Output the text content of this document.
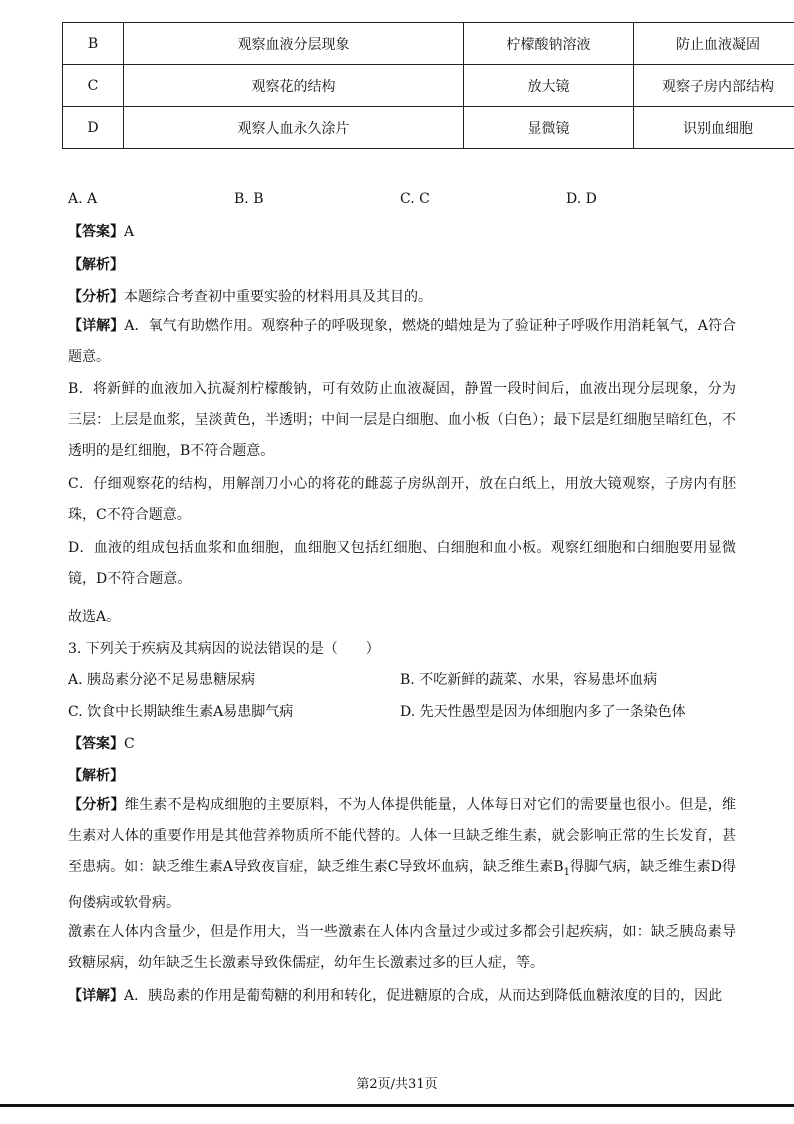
B	观察血液分层现象	柠檬酸钠溶液	防止血液凝固
C	观察花的结构	放大镜	观察子房内部结构
D	观察人血永久涂片	显微镜	识别血细胞
A. A	B. B	C. C	D. D
【答案】A
【解析】
【分析】本题综合考查初中重要实验的材料用具及其目的。
【详解】A．氧气有助燃作用。观察种子的呼吸现象，燃烧的蜡烛是为了验证种子呼吸作用消耗氧气，A符合题意。
B．将新鲜的血液加入抗凝剂柠檬酸钠，可有效防止血液凝固，静置一段时间后，血液出现分层现象，分为三层：上层是血浆，呈淡黄色，半透明；中间一层是白细胞、血小板（白色）；最下层是红细胞呈暗红色，不透明的是红细胞，B不符合题意。
C．仔细观察花的结构，用解剖刀小心的将花的雌蕊子房纵剖开，放在白纸上，用放大镜观察，子房内有胚珠，C不符合题意。
D．血液的组成包括血浆和血细胞，血细胞又包括红细胞、白细胞和血小板。观察红细胞和白细胞要用显微镜，D不符合题意。
故选A。
3. 下列关于疾病及其病因的说法错误的是（　　）
A. 胰岛素分泌不足易患糖尿病	B. 不吃新鲜的蔬菜、水果，容易患坏血病
C. 饮食中长期缺维生素A易患脚气病	D. 先天性愚型是因为体细胞内多了一条染色体
【答案】C
【解析】
【分析】维生素不是构成细胞的主要原料，不为人体提供能量，人体每日对它们的需要量也很小。但是，维生素对人体的重要作用是其他营养物质所不能代替的。人体一旦缺乏维生素，就会影响正常的生长发育，甚至患病。如：缺乏维生素A导致夜盲症，缺乏维生素C导致坏血病，缺乏维生素$B_1$得脚气病，缺乏维生素D得佝偻病或软骨病。
激素在人体内含量少，但是作用大，当一些激素在人体内含量过少或过多都会引起疾病，如：缺乏胰岛素导致糖尿病，幼年缺乏生长激素导致侏儒症，幼年生长激素过多的巨人症，等。
【详解】A．胰岛素的作用是葡萄糖的利用和转化，促进糖原的合成，从而达到降低血糖浓度的目的，因此
第2页/共31页
